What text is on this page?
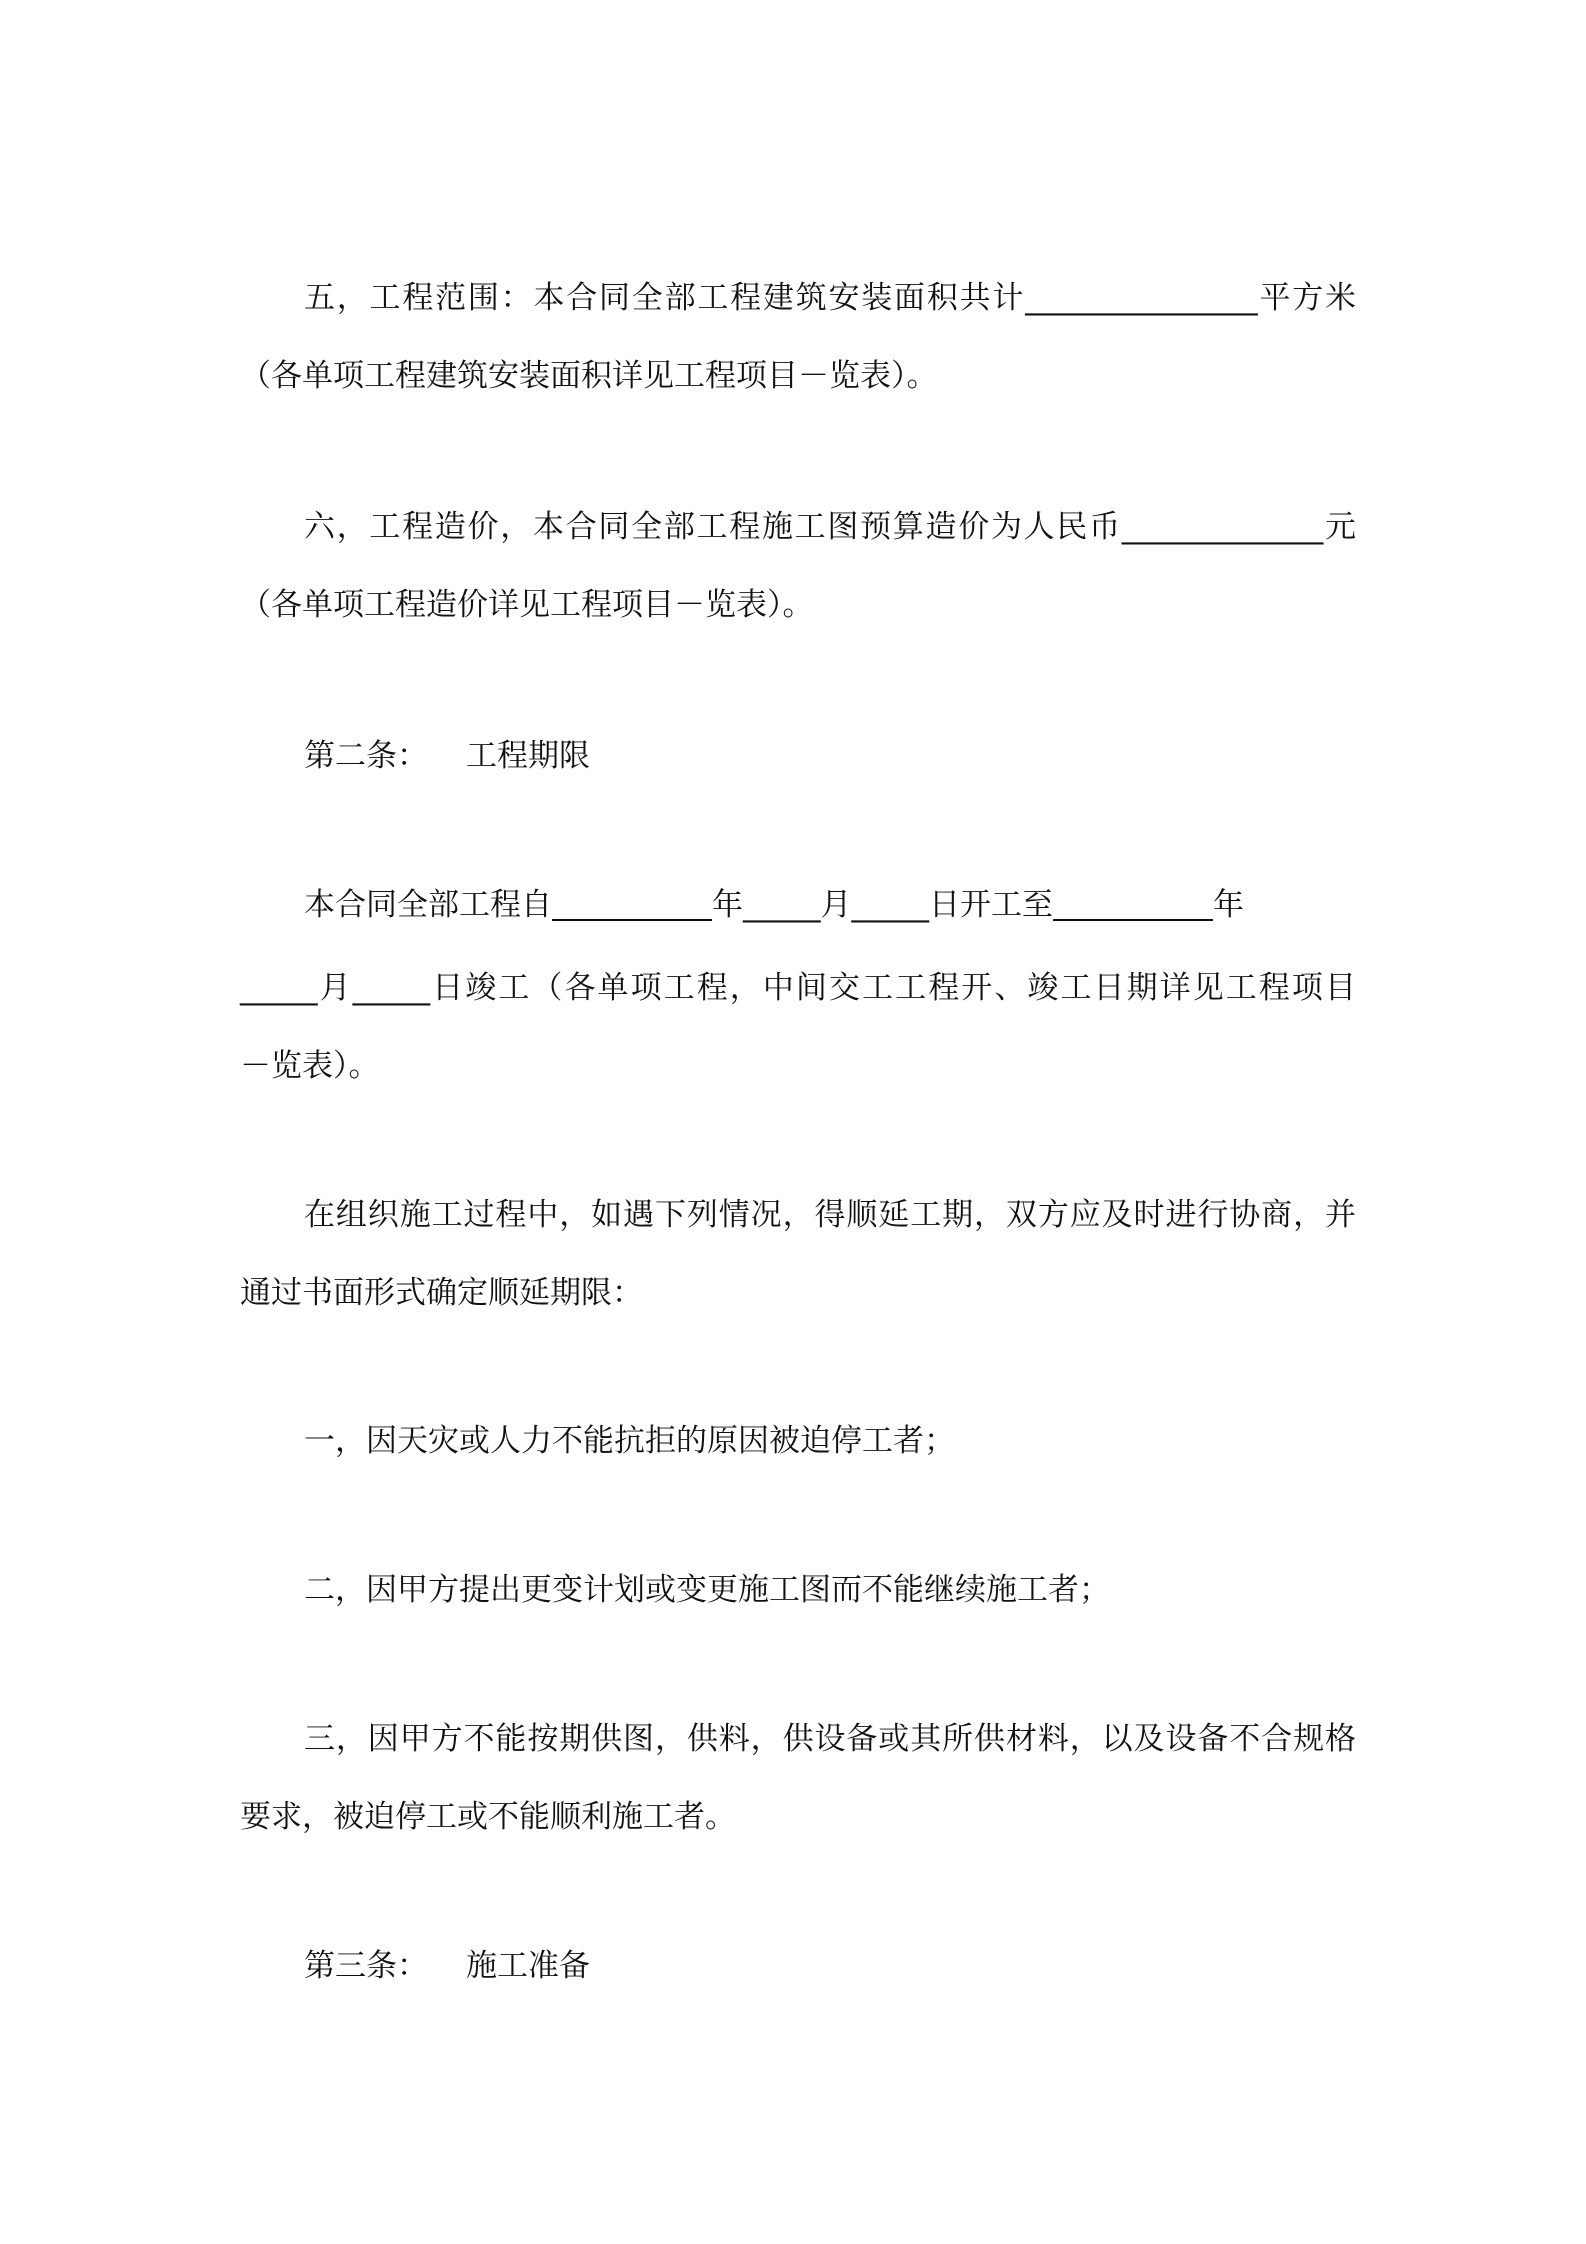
五，工程范围：本合同全部工程建筑安装面积共计_______________平方米
（各单项工程建筑安装面积详见工程项目－览表）。
六，工程造价，本合同全部工程施工图预算造价为人民币_____________元
（各单项工程造价详见工程项目－览表）。
第二条： 工程期限
本合同全部工程自	年_____月_____日开工至	年
_____月_____日竣工（各单项工程，中间交工工程开、竣工日期详见工程项目
－览表）。
在组织施工过程中，如遇下列情况，得顺延工期，双方应及时进行协商，并
通过书面形式确定顺延期限：
一，因天灾或人力不能抗拒的原因被迫停工者；
二，因甲方提出更变计划或变更施工图而不能继续施工者；
三，因甲方不能按期供图，供料，供设备或其所供材料，以及设备不合规格
要求，被迫停工或不能顺利施工者。
第三条： 施工准备
